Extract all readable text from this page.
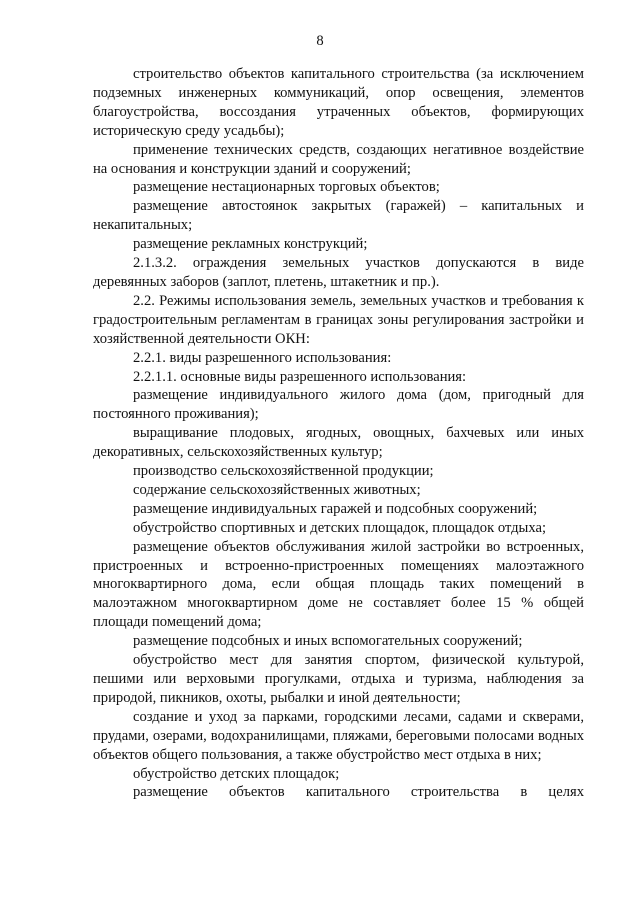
8

строительство объектов капитального строительства (за исключением подземных инженерных коммуникаций, опор освещения, элементов благоустройства, воссоздания утраченных объектов, формирующих историческую среду усадьбы);

применение технических средств, создающих негативное воздействие на основания и конструкции зданий и сооружений;

размещение нестационарных торговых объектов;

размещение автостоянок закрытых (гаражей) – капитальных и некапитальных;

размещение рекламных конструкций;

2.1.3.2. ограждения земельных участков допускаются в виде деревянных заборов (заплот, плетень, штакетник и пр.).

2.2. Режимы использования земель, земельных участков и требования к градостроительным регламентам в границах зоны регулирования застройки и хозяйственной деятельности ОКН:

2.2.1. виды разрешенного использования:

2.2.1.1. основные виды разрешенного использования:

размещение индивидуального жилого дома (дом, пригодный для постоянного проживания);

выращивание плодовых, ягодных, овощных, бахчевых или иных декоративных, сельскохозяйственных культур;

производство сельскохозяйственной продукции;

содержание сельскохозяйственных животных;

размещение индивидуальных гаражей и подсобных сооружений;

обустройство спортивных и детских площадок, площадок отдыха;

размещение объектов обслуживания жилой застройки во встроенных, пристроенных и встроенно-пристроенных помещениях малоэтажного многоквартирного дома, если общая площадь таких помещений в малоэтажном многоквартирном доме не составляет более 15 % общей площади помещений дома;

размещение подсобных и иных вспомогательных сооружений;

обустройство мест для занятия спортом, физической культурой, пешими или верховыми прогулками, отдыха и туризма, наблюдения за природой, пикников, охоты, рыбалки и иной деятельности;

создание и уход за парками, городскими лесами, садами и скверами, прудами, озерами, водохранилищами, пляжами, береговыми полосами водных объектов общего пользования, а также обустройство мест отдыха в них;

обустройство детских площадок;

размещение объектов капитального строительства в целях
